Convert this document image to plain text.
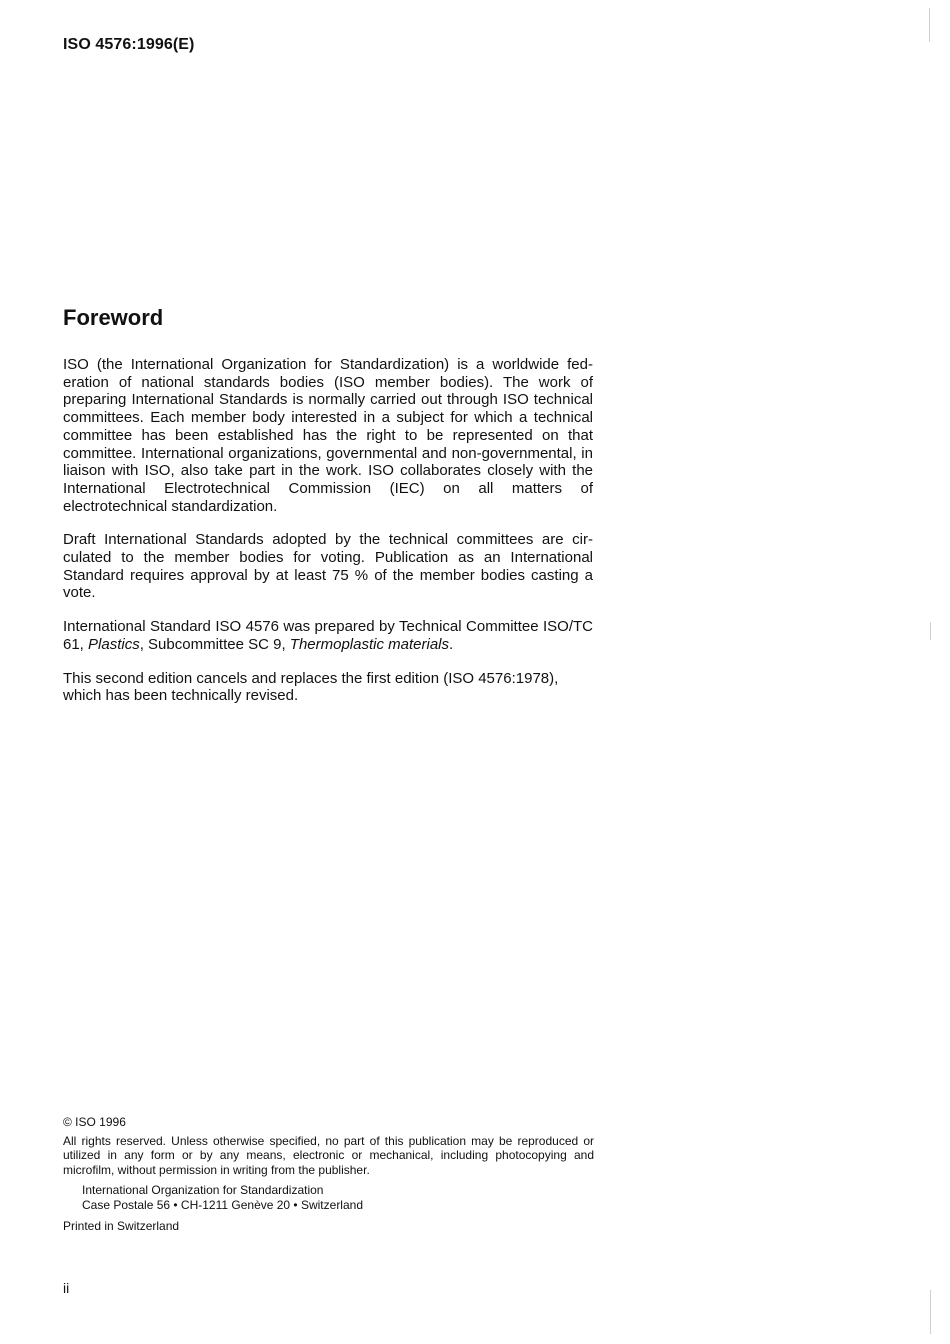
ISO 4576:1996(E)
Foreword

ISO (the International Organization for Standardization) is a worldwide federation of national standards bodies (ISO member bodies). The work of preparing International Standards is normally carried out through ISO technical committees. Each member body interested in a subject for which a technical committee has been established has the right to be represented on that committee. International organizations, governmental and non-governmental, in liaison with ISO, also take part in the work. ISO collaborates closely with the International Electrotechnical Commission (IEC) on all matters of electrotechnical standardization.

Draft International Standards adopted by the technical committees are circulated to the member bodies for voting. Publication as an International Standard requires approval by at least 75 % of the member bodies casting a vote.

International Standard ISO 4576 was prepared by Technical Committee ISO/TC 61, Plastics, Subcommittee SC 9, Thermoplastic materials.

This second edition cancels and replaces the first edition (ISO 4576:1978), which has been technically revised.

© ISO 1996

All rights reserved. Unless otherwise specified, no part of this publication may be reproduced or utilized in any form or by any means, electronic or mechanical, including photocopying and microfilm, without permission in writing from the publisher.

International Organization for Standardization
Case Postale 56 • CH-1211 Genève 20 • Switzerland

Printed in Switzerland

ii
